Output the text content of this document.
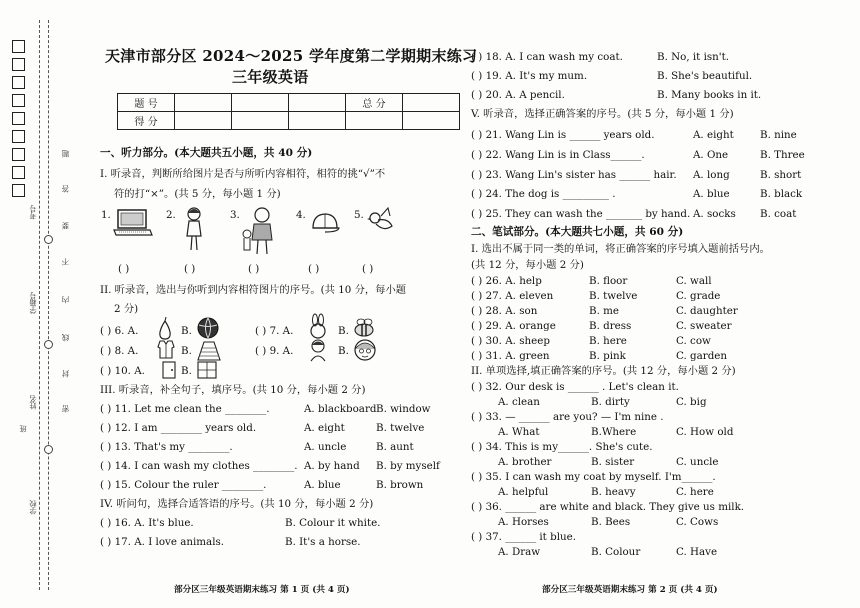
考号
学籍号
姓名
班
学校
题
答
要
不
内
线
封
密
天津市部分区 2024～2025 学年度第二学期期末练习
三年级英语
题 号				总 分	
得 分					
一、听力部分。(本大题共五小题，共 40 分)
I. 听录音，判断所给图片是否与所听内容相符，相符的挑“√”不
符的打“×”。(共 5 分，每小题 1 分)
1.	2.	3.	4.	5.
( )	( )	( )	( )	( )
II. 听录音，选出与你听到内容相符图片的序号。(共 10 分，每小题
2 分)
( ) 6. A.	B.	( ) 7. A.	B.
( ) 8. A.	B.	( ) 9. A.	B.
( ) 10. A.	B.
III. 听录音，补全句子，填序号。(共 10 分，每小题 2 分)
( ) 11. Let me clean the ________.	A. blackboard B. window
( ) 12. I am ________ years old.	A. eight	B. twelve
( ) 13. That's my ________.	A. uncle	B. aunt
( ) 14. I can wash my clothes ________. A. by hand B. by myself
( ) 15. Colour the ruler ________.	A. blue	B. brown
IV. 听问句，选择合适答语的序号。(共 10 分，每小题 2 分)
( ) 16. A. It's blue.	B. Colour it white.
( ) 17. A. I love animals.	B. It's a horse.
部分区三年级英语期末练习 第 1 页 (共 4 页)
( ) 18. A. I can wash my coat.	B. No, it isn't.
( ) 19. A. It's my mum.	B. She's beautiful.
( ) 20. A. A pencil.	B. Many books in it.
V. 听录音，选择正确答案的序号。(共 5 分，每小题 1 分)
( ) 21. Wang Lin is ______ years old.	A. eight	B. nine
( ) 22. Wang Lin is in Class______.	A. One	B. Three
( ) 23. Wang Lin's sister has ______ hair. A. long	B. short
( ) 24. The dog is _________ .	A. blue	B. black
( ) 25. They can wash the _______ by hand. A. socks B. coat
二、笔试部分。(本大题共七小题，共 60 分)
I. 选出不属于同一类的单词，将正确答案的序号填入题前括号内。
(共 12 分，每小题 2 分)
( ) 26. A. help	B. floor	C. wall
( ) 27. A. eleven	B. twelve	C. grade
( ) 28. A. son	B. me	C. daughter
( ) 29. A. orange	B. dress	C. sweater
( ) 30. A. sheep	B. here	C. cow
( ) 31. A. green	B. pink	C. garden
II. 单项选择,填正确答案的序号。(共 12 分，每小题 2 分)
( ) 32. Our desk is ______ . Let's clean it.
A. clean	B. dirty	C. big
( ) 33. — ______ are you? — I'm nine .
A. What	B.Where	C. How old
( ) 34. This is my______. She's cute.
A. brother	B. sister	C. uncle
( ) 35. I can wash my coat by myself. I'm______.
A. helpful	B. heavy	C. here
( ) 36. ______ are white and black. They give us milk.
A. Horses	B. Bees	C. Cows
( ) 37. ______ it blue.
A. Draw	B. Colour	C. Have
部分区三年级英语期末练习 第 2 页 (共 4 页)
